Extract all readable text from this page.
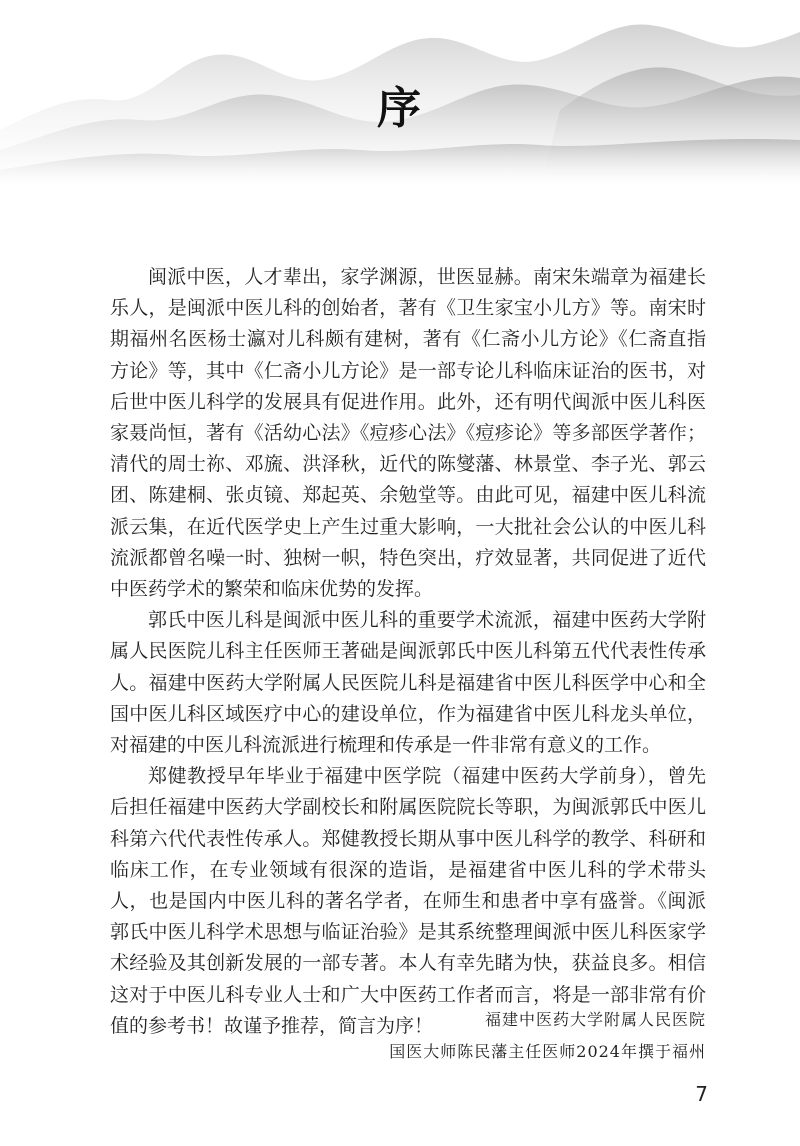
序

闽派中医，人才辈出，家学渊源，世医显赫。南宋朱端章为福建长乐人，是闽派中医儿科的创始者，著有《卫生家宝小儿方》等。南宋时期福州名医杨士瀛对儿科颇有建树，著有《仁斋小儿方论》《仁斋直指方论》等，其中《仁斋小儿方论》是一部专论儿科临床证治的医书，对后世中医儿科学的发展具有促进作用。此外，还有明代闽派中医儿科医家聂尚恒，著有《活幼心法》《痘疹心法》《痘疹论》等多部医学著作；清代的周士祢、邓旒、洪泽秋，近代的陈燮藩、林景堂、李子光、郭云团、陈建桐、张贞镜、郑起英、余勉堂等。由此可见，福建中医儿科流派云集，在近代医学史上产生过重大影响，一大批社会公认的中医儿科流派都曾名噪一时、独树一帜，特色突出，疗效显著，共同促进了近代中医药学术的繁荣和临床优势的发挥。

郭氏中医儿科是闽派中医儿科的重要学术流派，福建中医药大学附属人民医院儿科主任医师王著础是闽派郭氏中医儿科第五代代表性传承人。福建中医药大学附属人民医院儿科是福建省中医儿科医学中心和全国中医儿科区域医疗中心的建设单位，作为福建省中医儿科龙头单位，对福建的中医儿科流派进行梳理和传承是一件非常有意义的工作。

郑健教授早年毕业于福建中医学院（福建中医药大学前身），曾先后担任福建中医药大学副校长和附属医院院长等职，为闽派郭氏中医儿科第六代代表性传承人。郑健教授长期从事中医儿科学的教学、科研和临床工作，在专业领域有很深的造诣，是福建省中医儿科的学术带头人，也是国内中医儿科的著名学者，在师生和患者中享有盛誉。《闽派郭氏中医儿科学术思想与临证治验》是其系统整理闽派中医儿科医家学术经验及其创新发展的一部专著。本人有幸先睹为快，获益良多。相信这对于中医儿科专业人士和广大中医药工作者而言，将是一部非常有价值的参考书！故谨予推荐，简言为序！	福建中医药大学附属人民医院
国医大师陈民藩主任医师2024年撰于福州
7
